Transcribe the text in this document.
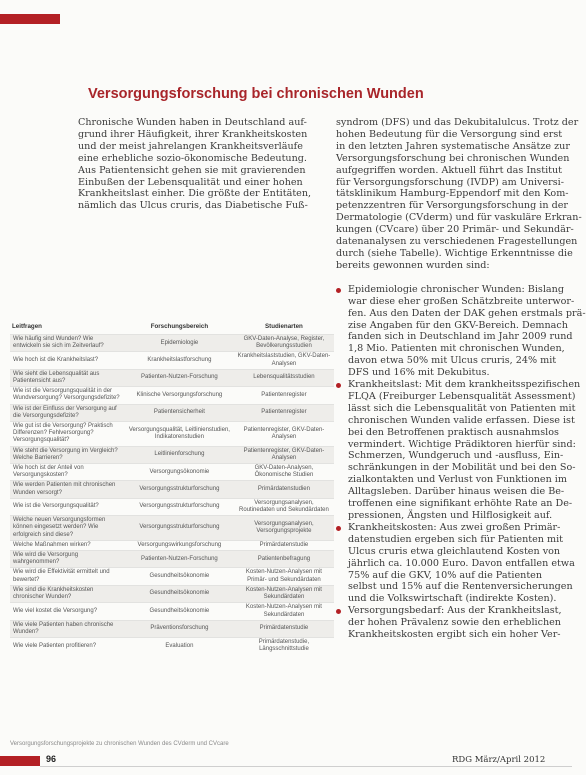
Versorgungsforschung bei chronischen Wunden
Chronische Wunden haben in Deutschland auf-
grund ihrer Häufigkeit, ihrer Krankheitskosten
und der meist jahrelangen Krankheitsverläufe
eine erhebliche sozio-ökonomische Bedeutung.
Aus Patientensicht gehen sie mit gravierenden
Einbußen der Lebensqualität und einer hohen
Krankheitslast einher. Die größte der Entitäten,
nämlich das Ulcus cruris, das Diabetische Fuß-
syndrom (DFS) und das Dekubitalulcus. Trotz der
hohen Bedeutung für die Versorgung sind erst
in den letzten Jahren systematische Ansätze zur
Versorgungsforschung bei chronischen Wunden
aufgegriffen worden. Aktuell führt das Institut
für Versorgungsforschung (IVDP) am Universi-
tätsklinikum Hamburg-Eppendorf mit den Kom-
petenzzentren für Versorgungsforschung in der
Dermatologie (CVderm) und für vaskuläre Erkran-
kungen (CVcare) über 20 Primär- und Sekundär-
datenanalysen zu verschiedenen Fragestellungen
durch (siehe Tabelle). Wichtige Erkenntnisse die
bereits gewonnen wurden sind:
Epidemiologie chronischer Wunden: Bislang
war diese eher großen Schätzbreite unterwor-
fen. Aus den Daten der DAK gehen erstmals prä-
zise Angaben für den GKV-Bereich. Demnach
fanden sich in Deutschland im Jahr 2009 rund
1,8 Mio. Patienten mit chronischen Wunden,
davon etwa 50% mit Ulcus cruris, 24% mit
DFS und 16% mit Dekubitus.
Krankheitslast: Mit dem krankheitsspezifischen
FLQA (Freiburger Lebensqualität Assessment)
lässt sich die Lebensqualität von Patienten mit
chronischen Wunden valide erfassen. Diese ist
bei den Betroffenen praktisch ausnahmslos
vermindert. Wichtige Prädiktoren hierfür sind:
Schmerzen, Wundgeruch und -ausfluss, Ein-
schränkungen in der Mobilität und bei den So-
zialkontakten und Verlust von Funktionen im
Alltagsleben. Darüber hinaus weisen die Be-
troffenen eine signifikant erhöhte Rate an De-
pressionen, Ängsten und Hilflosigkeit auf.
Krankheitskosten: Aus zwei großen Primär-
datenstudien ergeben sich für Patienten mit
Ulcus cruris etwa gleichlautend Kosten von
jährlich ca. 10.000 Euro. Davon entfallen etwa
75% auf die GKV, 10% auf die Patienten
selbst und 15% auf die Rentenversicherungen
und die Volkswirtschaft (indirekte Kosten).
Versorgungsbedarf: Aus der Krankheitslast,
der hohen Prävalenz sowie den erheblichen
Krankheitskosten ergibt sich ein hoher Ver-
Leitfragen	Forschungsbereich	Studienarten
Wie häufig sind Wunden? Wie entwickeln sie sich im Zeitverlauf?	Epidemiologie	GKV-Daten-Analyse, Register, Bevölkerungsstudien
Wie hoch ist die Krankheitslast?	Krankheitslastforschung	Krankheitslaststudien, GKV-Daten-Analysen
Wie sieht die Lebensqualität aus Patientensicht aus?	Patienten-Nutzen-Forschung	Lebensqualitätsstudien
Wie ist die Versorgungsqualität in der Wundversorgung? Versorgungsdefizite?	Klinische Versorgungsforschung	Patientenregister
Wie ist der Einfluss der Versorgung auf die Versorgungsdefizite?	Patientensicherheit	Patientenregister
Wie gut ist die Versorgung? Praktisch Differenzen? Fehlversorgung? Versorgungsqualität?	Versorgungsqualität, Leitlinienstudien, Indikatorenstudien	Patientenregister, GKV-Daten-Analysen
Wie steht die Versorgung im Vergleich? Welche Barrieren?	Leitlinienforschung	Patientenregister, GKV-Daten-Analysen
Wie hoch ist der Anteil von Versorgungskosten?	Versorgungsökonomie	GKV-Daten-Analysen, Ökonomische Studien
Wie werden Patienten mit chronischen Wunden versorgt?	Versorgungsstrukturforschung	Primärdatenstudien
Wie ist die Versorgungsqualität?	Versorgungsstrukturforschung	Versorgungsanalysen, Routinedaten und Sekundärdaten
Welche neuen Versorgungsformen können eingesetzt werden? Wie erfolgreich sind diese?	Versorgungsstrukturforschung	Versorgungsanalysen, Versorgungsprojekte
Welche Maßnahmen wirken?	Versorgungswirkungsforschung	Primärdatenstudie
Wie wird die Versorgung wahrgenommen?	Patienten-Nutzen-Forschung	Patientenbefragung
Wie wird die Effektivität ermittelt und bewertet?	Gesundheitsökonomie	Kosten-Nutzen-Analysen mit Primär- und Sekundärdaten
Wie sind die Krankheitskosten chronischer Wunden?	Gesundheitsökonomie	Kosten-Nutzen-Analysen mit Sekundärdaten
Wie viel kostet die Versorgung?	Gesundheitsökonomie	Kosten-Nutzen-Analysen mit Sekundärdaten
Wie viele Patienten haben chronische Wunden?	Präventionsforschung	Primärdatenstudie
Wie viele Patienten profitieren?	Evaluation	Primärdatenstudie, Längsschnittstudie
Versorgungsforschungsprojekte zu chronischen Wunden des CVderm und CVcare
96	RDG März/April 2012
